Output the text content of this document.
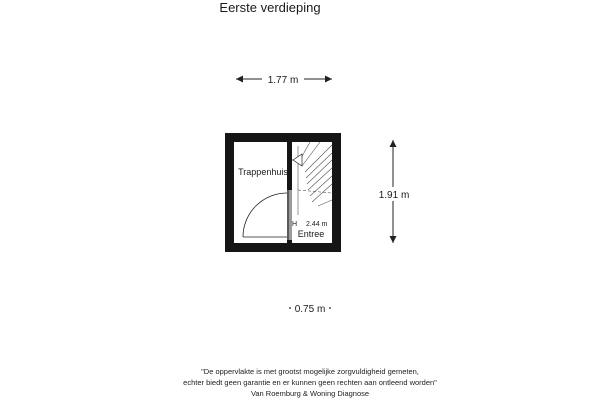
Eerste verdieping
1.77 m
1.91 m
0.75 m
Trappenhuis
H 2.44 m
Entree
"De oppervlakte is met grootst mogelijke zorgvuldigheid gemeten,
echter biedt geen garantie en er kunnen geen rechten aan ontleend worden"
Van Roemburg & Woning Diagnose
